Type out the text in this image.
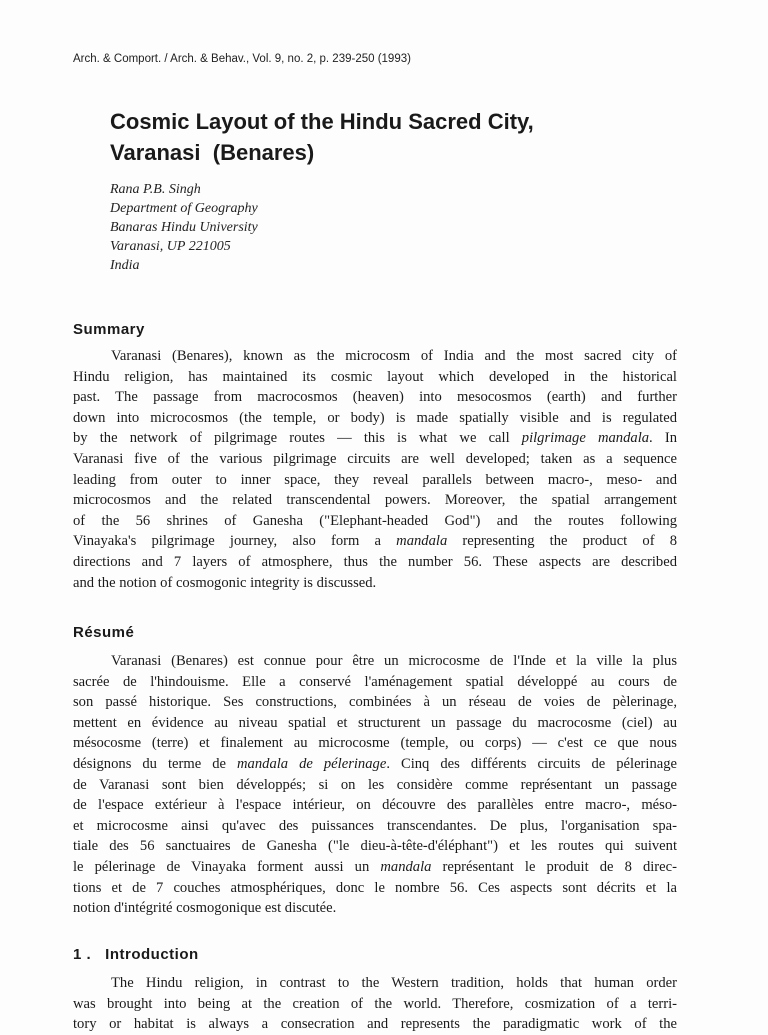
Arch. & Comport. / Arch. & Behav., Vol. 9, no. 2, p. 239-250 (1993)
Cosmic Layout of the Hindu Sacred City,
Varanasi  (Benares)
Rana P.B. Singh
Department of Geography
Banaras Hindu University
Varanasi, UP 221005
India
Summary
Varanasi (Benares), known as the microcosm of India and the most sacred city of
Hindu religion, has maintained its cosmic layout which developed in the historical
past. The passage from macrocosmos (heaven) into mesocosmos (earth) and further
down into microcosmos (the temple, or body) is made spatially visible and is regulated
by the network of pilgrimage routes — this is what we call pilgrimage mandala. In
Varanasi five of the various pilgrimage circuits are well developed; taken as a sequence
leading from outer to inner space, they reveal parallels between macro-, meso- and
microcosmos and the related transcendental powers. Moreover, the spatial arrangement
of the 56 shrines of Ganesha ("Elephant-headed God") and the routes following
Vinayaka's pilgrimage journey, also form a mandala representing the product of 8
directions and 7 layers of atmosphere, thus the number 56. These aspects are described
and the notion of cosmogonic integrity is discussed.
Résumé
Varanasi (Benares) est connue pour être un microcosme de l'Inde et la ville la plus
sacrée de l'hindouisme. Elle a conservé l'aménagement spatial développé au cours de
son passé historique. Ses constructions, combinées à un réseau de voies de pèlerinage,
mettent en évidence au niveau spatial et structurent un passage du macrocosme (ciel) au
mésocosme (terre) et finalement au microcosme (temple, ou corps) — c'est ce que nous
désignons du terme de mandala de pélerinage. Cinq des différents circuits de pélerinage
de Varanasi sont bien développés; si on les considère comme représentant un passage
de l'espace extérieur à l'espace intérieur, on découvre des parallèles entre macro-, méso-
et microcosme ainsi qu'avec des puissances transcendantes. De plus, l'organisation spa-
tiale des 56 sanctuaires de Ganesha ("le dieu-à-tête-d'éléphant") et les routes qui suivent
le pélerinage de Vinayaka forment aussi un mandala représentant le produit de 8 direc-
tions et de 7 couches atmosphériques, donc le nombre 56. Ces aspects sont décrits et la
notion d'intégrité cosmogonique est discutée.
1 .   Introduction
The Hindu religion, in contrast to the Western tradition, holds that human order
was brought into being at the creation of the world. Therefore, cosmization of a terri-
tory or habitat is always a consecration and represents the paradigmatic work of the
